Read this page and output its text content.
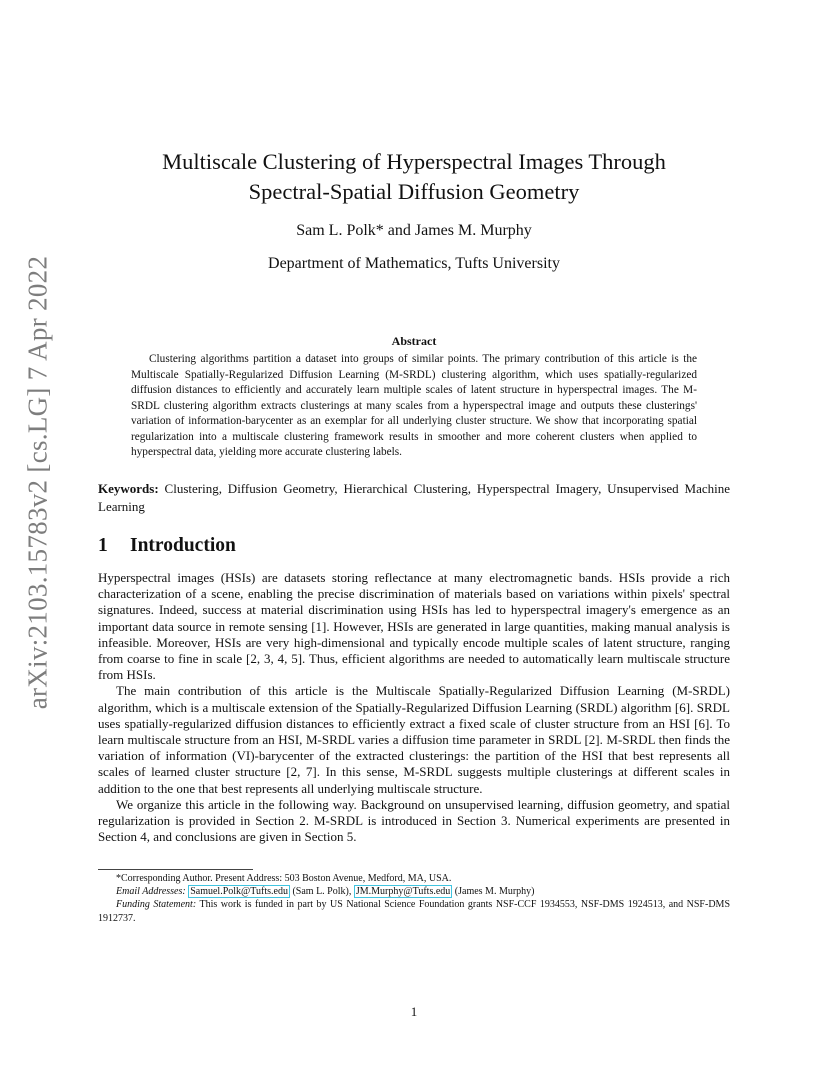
arXiv:2103.15783v2 [cs.LG] 7 Apr 2022
Multiscale Clustering of Hyperspectral Images Through
Spectral-Spatial Diffusion Geometry
Sam L. Polk* and James M. Murphy
Department of Mathematics, Tufts University
Abstract

Clustering algorithms partition a dataset into groups of similar points. The primary contribution of this article is the Multiscale Spatially-Regularized Diffusion Learning (M-SRDL) clustering algorithm, which uses spatially-regularized diffusion distances to efficiently and accurately learn multiple scales of latent structure in hyperspectral images. The M-SRDL clustering algorithm extracts clusterings at many scales from a hyperspectral image and outputs these clusterings' variation of information-barycenter as an exemplar for all underlying cluster structure. We show that incorporating spatial regularization into a multiscale clustering framework results in smoother and more coherent clusters when applied to hyperspectral data, yielding more accurate clustering labels.

Keywords: Clustering, Diffusion Geometry, Hierarchical Clustering, Hyperspectral Imagery, Unsupervised Machine Learning

1 Introduction

Hyperspectral images (HSIs) are datasets storing reflectance at many electromagnetic bands. HSIs provide a rich characterization of a scene, enabling the precise discrimination of materials based on variations within pixels' spectral signatures. Indeed, success at material discrimination using HSIs has led to hyperspectral imagery's emergence as an important data source in remote sensing [1]. However, HSIs are generated in large quantities, making manual analysis is infeasible. Moreover, HSIs are very high-dimensional and typically encode multiple scales of latent structure, ranging from coarse to fine in scale [2, 3, 4, 5]. Thus, efficient algorithms are needed to automatically learn multiscale structure from HSIs.

The main contribution of this article is the Multiscale Spatially-Regularized Diffusion Learning (M-SRDL) algorithm, which is a multiscale extension of the Spatially-Regularized Diffusion Learning (SRDL) algorithm [6]. SRDL uses spatially-regularized diffusion distances to efficiently extract a fixed scale of cluster structure from an HSI [6]. To learn multiscale structure from an HSI, M-SRDL varies a diffusion time parameter in SRDL [2]. M-SRDL then finds the variation of information (VI)-barycenter of the extracted clusterings: the partition of the HSI that best represents all scales of learned cluster structure [2, 7]. In this sense, M-SRDL suggests multiple clusterings at different scales in addition to the one that best represents all underlying multiscale structure.

We organize this article in the following way. Background on unsupervised learning, diffusion geometry, and spatial regularization is provided in Section 2. M-SRDL is introduced in Section 3. Numerical experiments are presented in Section 4, and conclusions are given in Section 5.

*Corresponding Author. Present Address: 503 Boston Avenue, Medford, MA, USA.

Email Addresses: Samuel.Polk@Tufts.edu (Sam L. Polk), JM.Murphy@Tufts.edu (James M. Murphy)

Funding Statement: This work is funded in part by US National Science Foundation grants NSF-CCF 1934553, NSF-DMS 1924513, and NSF-DMS 1912737.

1
